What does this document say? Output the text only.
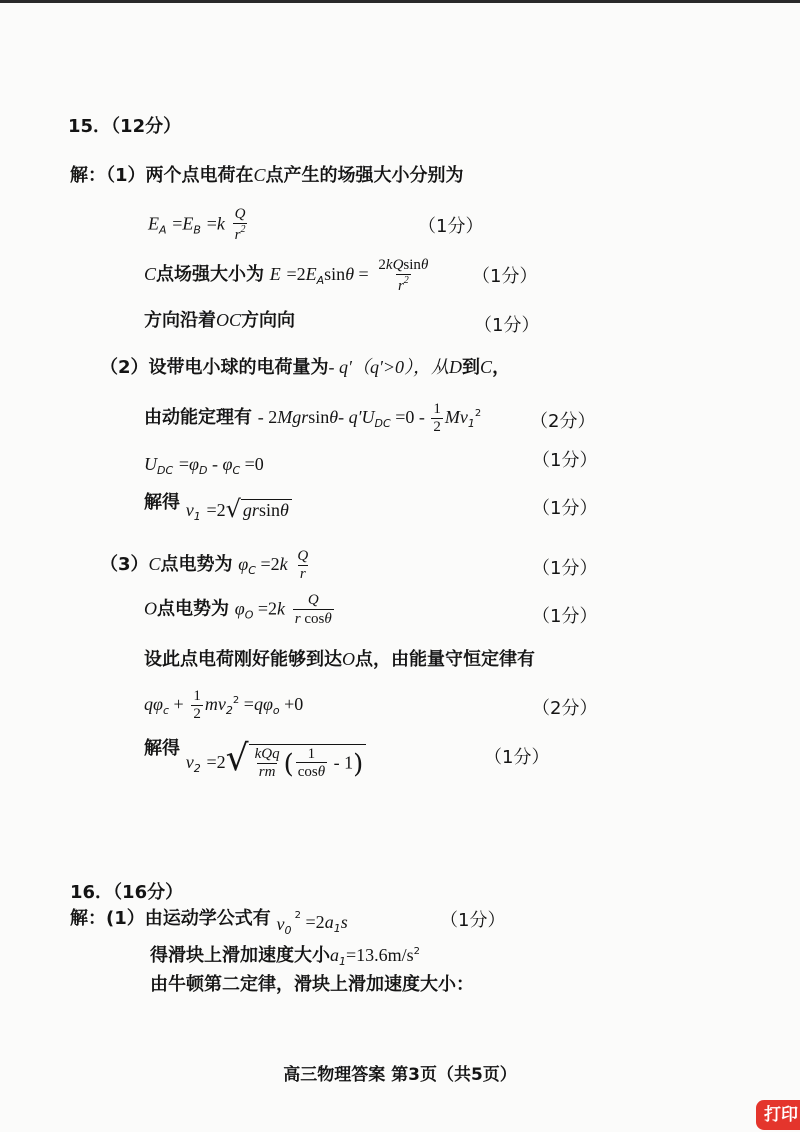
15．（12分）
解：（1）两个点电荷在C点产生的场强大小分别为
$E_A =E_B =k \frac{Q}{r^2}$	（1分）
C点场强大小为 $E =2E_A\sin\theta = \frac{2kQsin\theta}{r^2} (1$分）
方向沿着OC方向向	（1分）
（2）设带电小球的电荷量为- q′（q′>0），从D到C，
由动能定理有 - 2Mgrsinθ- $q'U_{DC} =0 - \frac{1}{2} Mv_1^2$	（2分）
$U_{DC} =\varphi_D - \varphi_C =0$	（1分）
解得 $v_1 =2√$ grsinθ	（1分）
（3）C点电势为 $\varphi_C =2k \frac{Q}{r}$	（1分）
O点电势为 $\varphi_O =2k \frac{Q}{\text{r cosθ}}$	（1分）
设此点电荷刚好能够到达O点，由能量守恒定律有
$q\varphi_c + \frac{1}{2} mv_2^2 =q\varphi_o +0$	（2分）
解得 $v_2 =2√ \frac{\text{kQq}}{rm}$ ( $\frac{1}{\cos\theta} - 1$)	（1分）
16．（16分）
解：(1）由运动学公式有 $v_0$ $^2 =2a_1s$	（1分）
得滑块上滑加速度大小$a_1=13.6m/s^2$
由牛顿第二定律，滑块上滑加速度大小：
高三物理答案 第3页（共5页）
打印
